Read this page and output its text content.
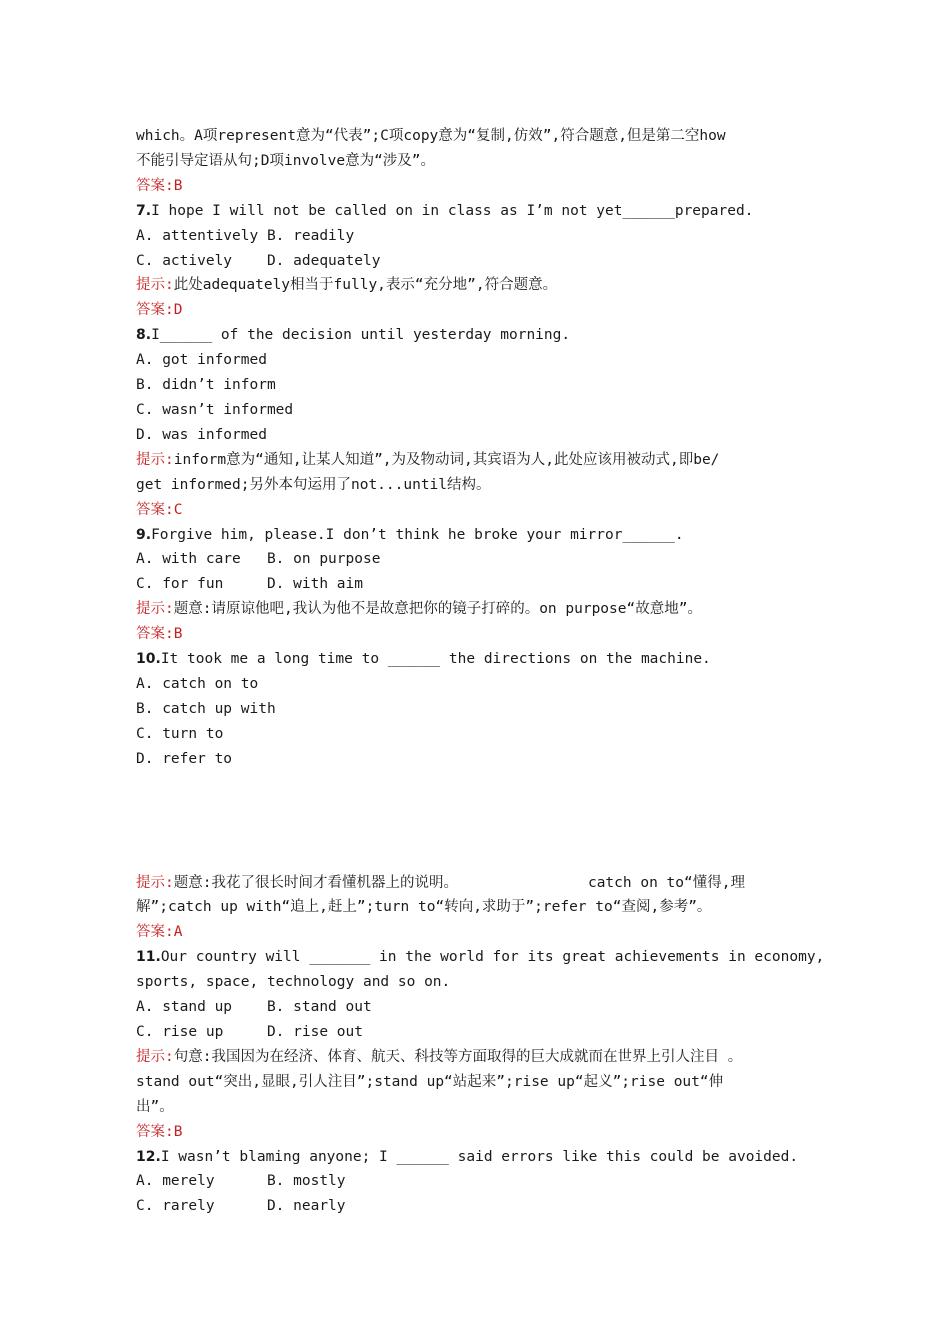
which。A项represent意为“代表”;C项copy意为“复制,仿效”,符合题意,但是第二空how
不能引导定语从句;D项involve意为“涉及”。
答案:B
7.I hope I will not be called on in class as I’m not yet______prepared.
A. attentively B. readily
C. actively    D. adequately
提示:此处adequately相当于fully,表示“充分地”,符合题意。
答案:D
8.I______ of the decision until yesterday morning.
A. got informed
B. didn’t inform
C. wasn’t informed
D. was informed
提示:inform意为“通知,让某人知道”,为及物动词,其宾语为人,此处应该用被动式,即be/
get informed;另外本句运用了not...until结构。
答案:C
9.Forgive him, please.I don’t think he broke your mirror______.
A. with care   B. on purpose
C. for fun     D. with aim
提示:题意:请原谅他吧,我认为他不是故意把你的镜子打碎的。on purpose“故意地”。
答案:B
10.It took me a long time to ______ the directions on the machine.
A. catch on to
B. catch up with
C. turn to
D. refer to
提示:题意:我花了很长时间才看懂机器上的说明。	catch on to“懂得,理
解”;catch up with“追上,赶上”;turn to“转向,求助于”;refer to“查阅,参考”。
答案:A
11.Our country will _______ in the world for its great achievements in economy,
sports, space, technology and so on.
A. stand up    B. stand out
C. rise up     D. rise out
提示:句意:我国因为在经济、体育、航天、科技等方面取得的巨大成就而在世界上引人注目 。
stand out“突出,显眼,引人注目”;stand up“站起来”;rise up“起义”;rise out“伸
出”。
答案:B
12.I wasn’t blaming anyone; I ______ said errors like this could be avoided.
A. merely      B. mostly
C. rarely      D. nearly
